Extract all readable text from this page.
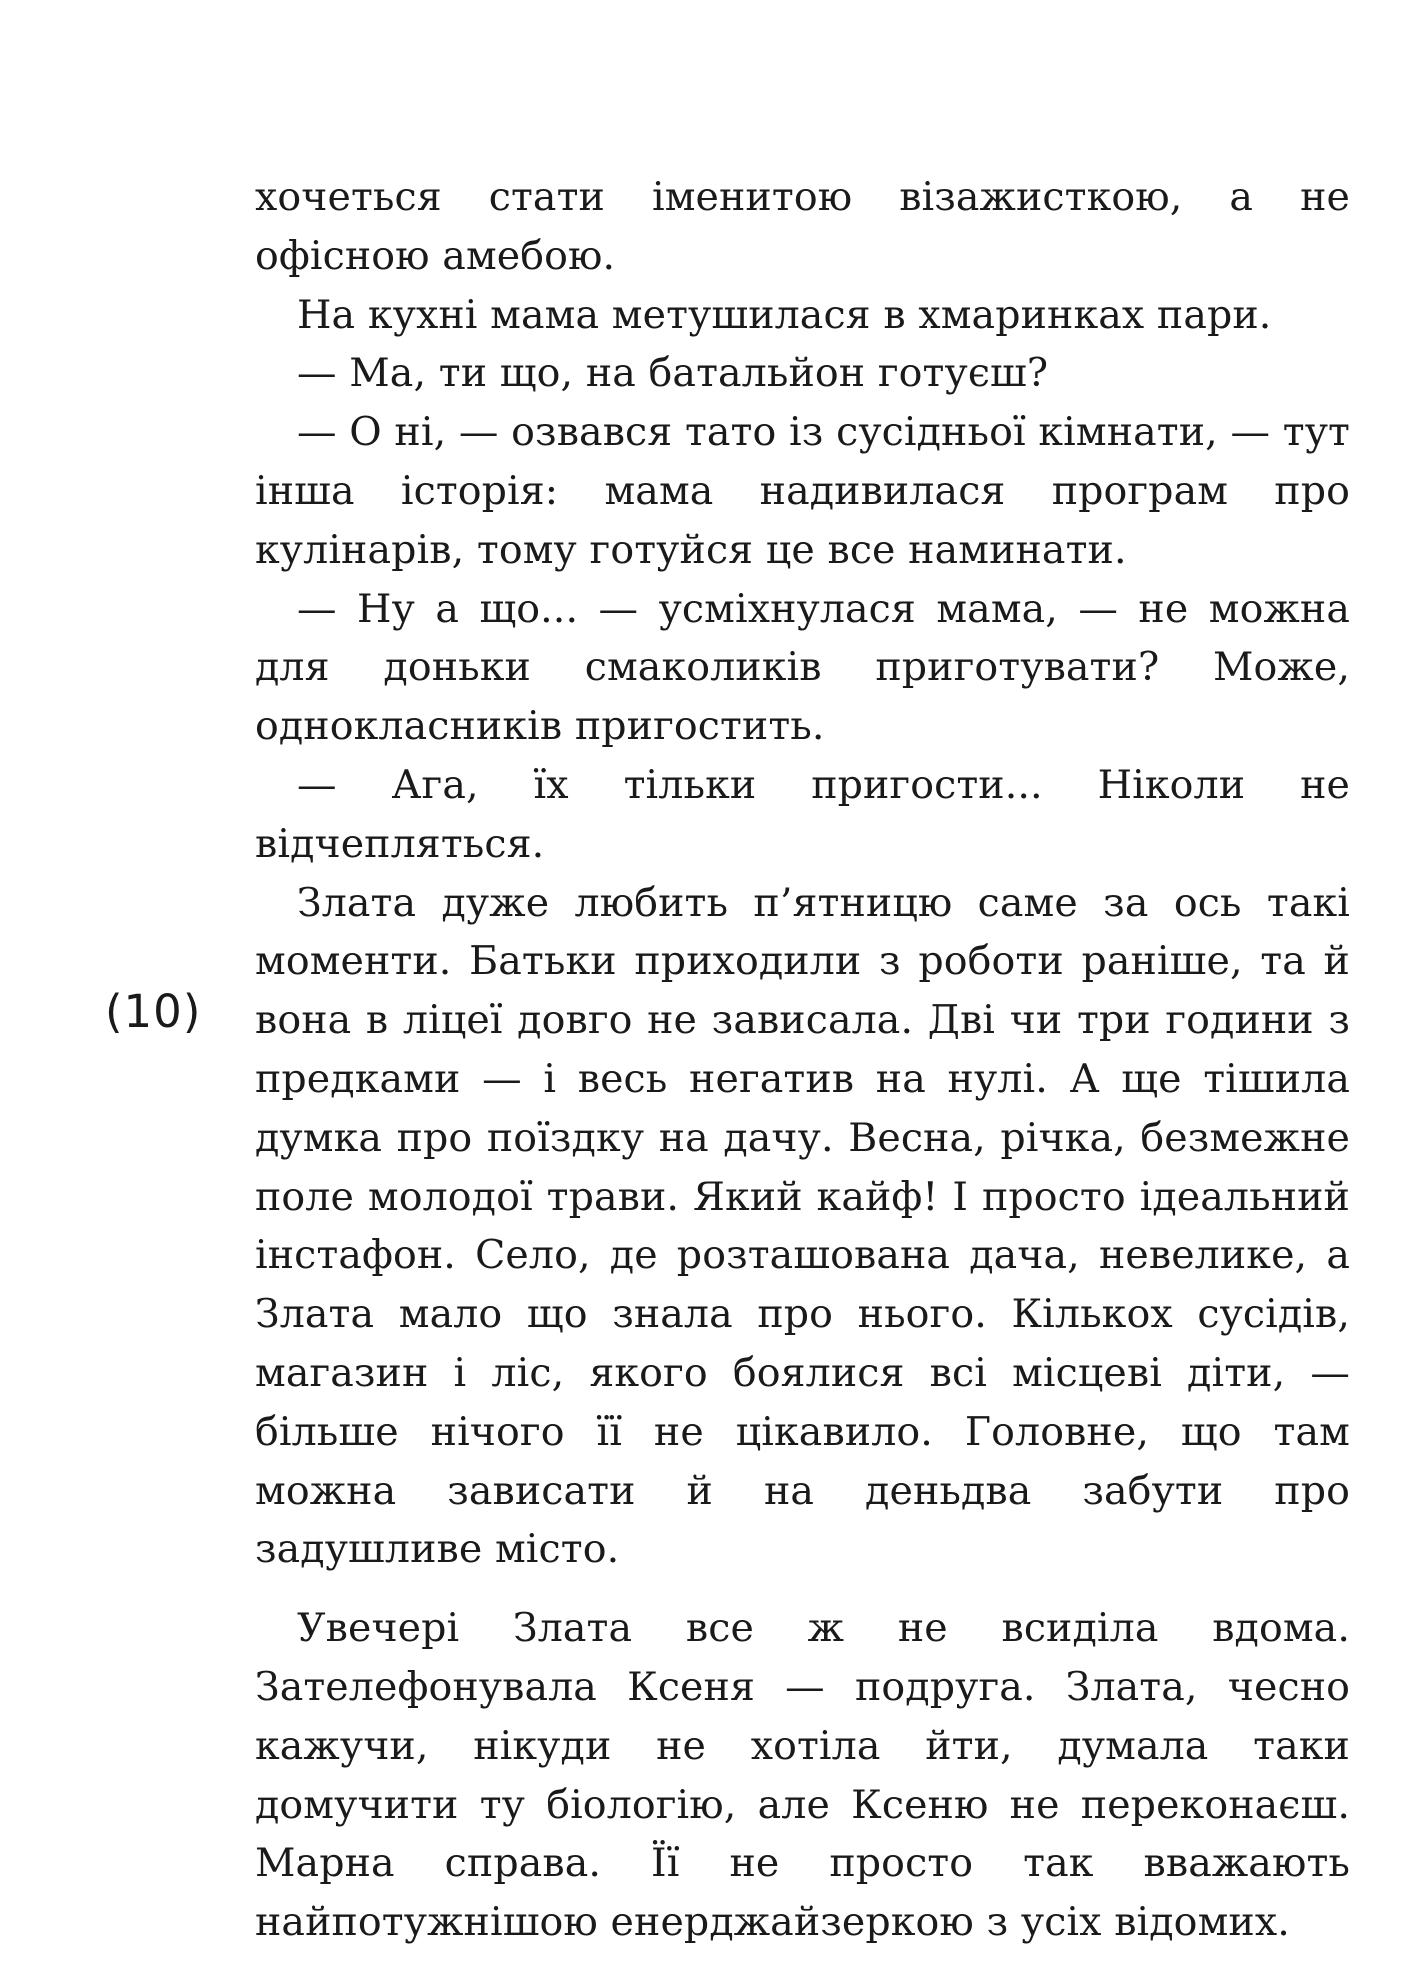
(10)

хочеться стати іменитою візажисткою, а не офісною амебою.

На кухні мама метушилася в хмаринках пари.

— Ма, ти що, на батальйон готуєш?

— О ні, — озвався тато із сусідньої кімнати, — тут інша історія: мама надивилася програм про кулінарів, тому готуйся це все наминати.

— Ну а що... — усміхнулася мама, — не можна для доньки смаколиків приготувати? Може, однокласників пригостить.

— Ага, їх тільки пригости... Ніколи не відчепляться.

Злата дуже любить п’ятницю саме за ось такі моменти. Батьки приходили з роботи раніше, та й вона в ліцеї довго не зависала. Дві чи три години з предками — і весь негатив на нулі. А ще тішила думка про поїздку на дачу. Весна, річка, безмежне поле молодої трави. Який кайф! І просто ідеальний інстафон. Село, де розташована дача, невелике, а Злата мало що знала про нього. Кількох сусідів, магазин і ліс, якого боялися всі місцеві діти, — більше нічого її не цікавило. Головне, що там можна зависати й на деньдва забути про задушливе місто.

Увечері Злата все ж не всиділа вдома. Зателефонувала Ксеня — подруга. Злата, чесно кажучи, нікуди не хотіла йти, думала таки домучити ту біологію, але Ксеню не переконаєш. Марна справа. Її не просто так вважають найпотужнішою енерджайзеркою з усіх відомих.
